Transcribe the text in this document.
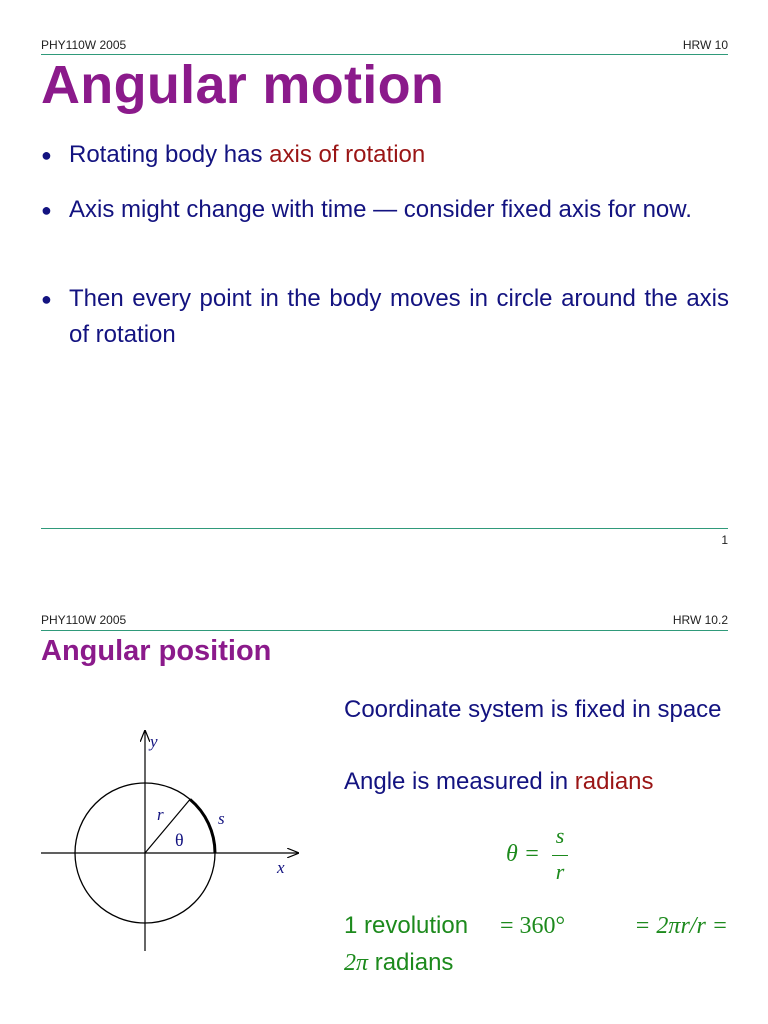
PHY110W 2005	HRW 10
Angular motion
● Rotating body has axis of rotation
● Axis might change with time — consider fixed axis for now.
● Then every point in the body moves in circle around the axis of rotation
1
PHY110W 2005	HRW 10.2
Angular position
y
x
r	s
θ
Coordinate system is fixed in space
Angle is measured in radians
θ =
s
r
1 revolution = 360°	= 2πr/r =
2π radians
